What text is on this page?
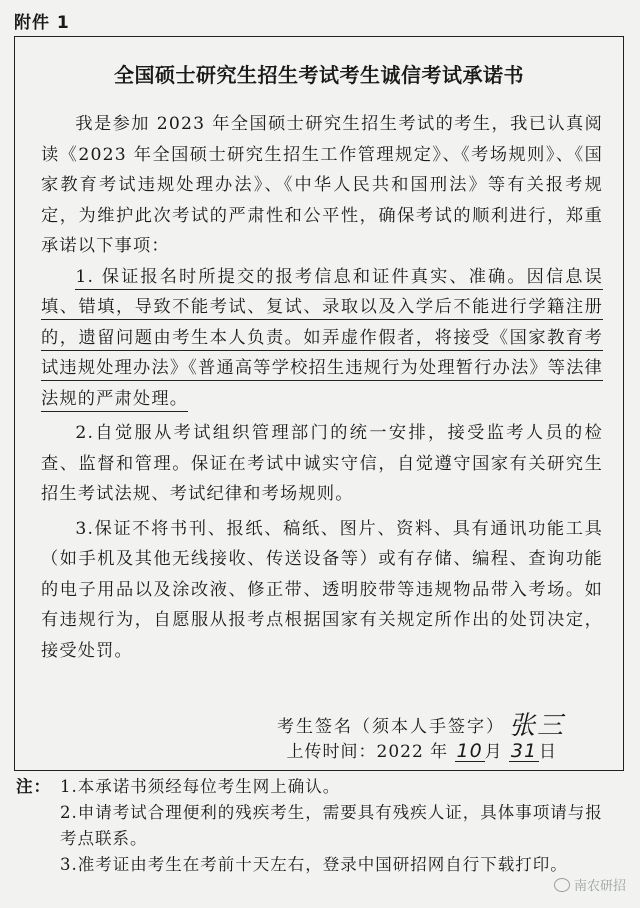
附件 1
全国硕士研究生招生考试考生诚信考试承诺书

我是参加 2023 年全国硕士研究生招生考试的考生，我已认真阅读《2023 年全国硕士研究生招生工作管理规定》、《考场规则》、《国家教育考试违规处理办法》、《中华人民共和国刑法》等有关报考规定，为维护此次考试的严肃性和公平性，确保考试的顺利进行，郑重承诺以下事项：

1. 保证报名时所提交的报考信息和证件真实、准确。因信息误填、错填，导致不能考试、复试、录取以及入学后不能进行学籍注册的，遗留问题由考生本人负责。如弄虚作假者，将接受《国家教育考试违规处理办法》《普通高等学校招生违规行为处理暂行办法》等法律法规的严肃处理。

2.自觉服从考试组织管理部门的统一安排，接受监考人员的检查、监督和管理。保证在考试中诚实守信，自觉遵守国家有关研究生招生考试法规、考试纪律和考场规则。

3.保证不将书刊、报纸、稿纸、图片、资料、具有通讯功能工具（如手机及其他无线接收、传送设备等）或有存储、编程、查询功能的电子用品以及涂改液、修正带、透明胶带等违规物品带入考场。如有违规行为，自愿服从报考点根据国家有关规定所作出的处罚决定，接受处罚。

考生签名（须本人手签字） 张三
上传时间：2022 年 10 月 31 日
注： 1.本承诺书须经每位考生网上确认。
2.申请考试合理便利的残疾考生，需要具有残疾人证，具体事项请与报考点联系。
3.准考证由考生在考前十天左右，登录中国研招网自行下载打印。
南农研招
